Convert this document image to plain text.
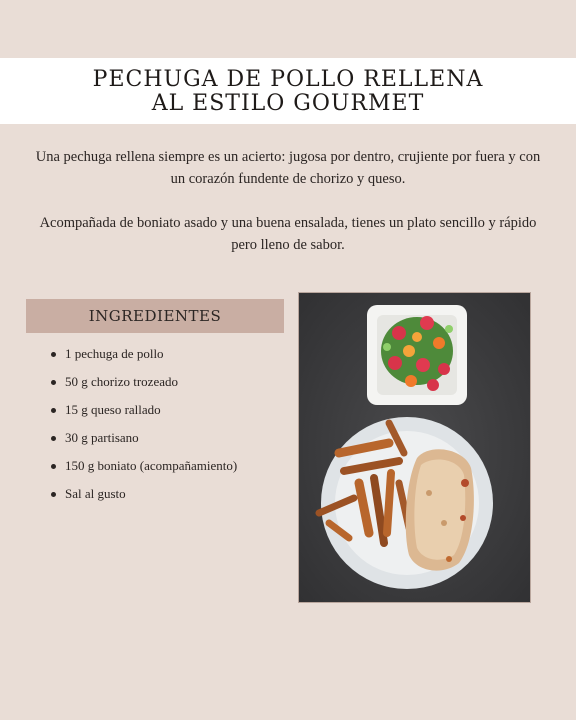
PECHUGA DE POLLO RELLENA
AL ESTILO GOURMET

Una pechuga rellena siempre es un acierto: jugosa por dentro, crujiente por fuera y con un corazón fundente de chorizo y queso.

Acompañada de boniato asado y una buena ensalada, tienes un plato sencillo y rápido pero lleno de sabor.

INGREDIENTES
1 pechuga de pollo
50 g chorizo trozeado
15 g queso rallado
30 g partisano
150 g boniato (acompañamiento)
Sal al gusto
